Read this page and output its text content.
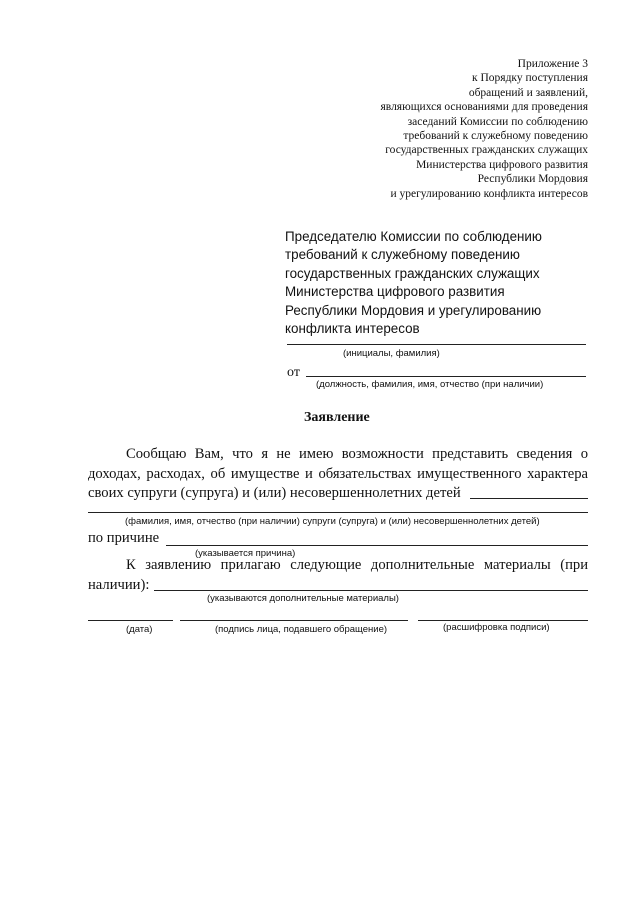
Приложение 3
к Порядку поступления
обращений и заявлений,
являющихся основаниями для проведения
заседаний Комиссии по соблюдению
требований к служебному поведению
государственных гражданских служащих
Министерства цифрового развития
Республики Мордовия
и урегулированию конфликта интересов
Председателю Комиссии по соблюдению
требований к служебному поведению
государственных гражданских служащих
Министерства цифрового развития
Республики Мордовия и урегулированию
конфликта интересов
(инициалы, фамилия)
от
(должность, фамилия, имя, отчество (при наличии)
Заявление
Сообщаю Вам, что я не имею возможности представить сведения о
доходах, расходах, об имуществе и обязательствах имущественного характера
своих супруги (супруга) и (или) несовершеннолетних детей
(фамилия, имя, отчество (при наличии) супруги (супруга) и (или) несовершеннолетних детей)
по причине
(указывается причина)
К заявлению прилагаю следующие дополнительные материалы (при
наличии):
(указываются дополнительные материалы)
(дата)	(подпись лица, подавшего обращение)	(расшифровка подписи)
